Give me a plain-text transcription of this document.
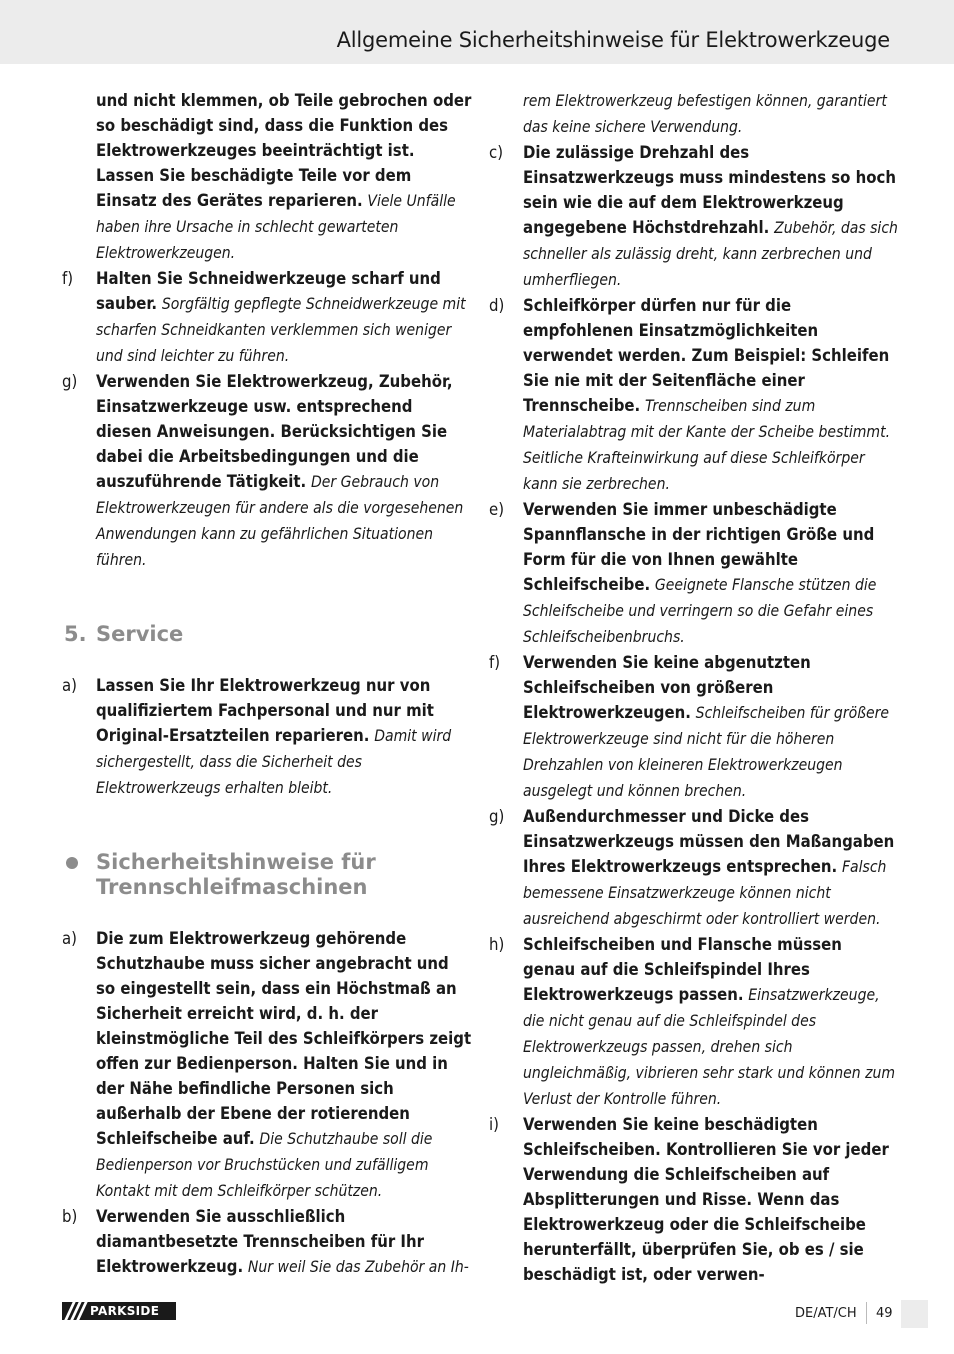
Allgemeine Sicherheitshinweise für Elektrowerkzeuge
und nicht klemmen, ob Teile gebrochen oder so beschädigt sind, dass die Funktion des Elektrowerkzeuges beeinträchtigt ist. Lassen Sie beschädigte Teile vor dem Einsatz des Gerätes reparieren. Viele Unfälle haben ihre Ursache in schlecht gewarteten Elektrowerkzeugen.
f) Halten Sie Schneidwerkzeuge scharf und sauber. Sorgfältig gepflegte Schneidwerkzeuge mit scharfen Schneidkanten verklemmen sich weniger und sind leichter zu führen.
g) Verwenden Sie Elektrowerkzeug, Zubehör, Einsatzwerkzeuge usw. entsprechend diesen Anweisungen. Berücksichtigen Sie dabei die Arbeitsbedingungen und die auszuführende Tätigkeit. Der Gebrauch von Elektrowerkzeugen für andere als die vorgesehenen Anwendungen kann zu gefährlichen Situationen führen.
5. Service
a) Lassen Sie Ihr Elektrowerkzeug nur von qualifiziertem Fachpersonal und nur mit Original-Ersatzteilen reparieren. Damit wird sichergestellt, dass die Sicherheit des Elektrowerkzeugs erhalten bleibt.
Sicherheitshinweise für
Trennschleifmaschinen
a) Die zum Elektrowerkzeug gehörende Schutzhaube muss sicher angebracht und so eingestellt sein, dass ein Höchstmaß an Sicherheit erreicht wird, d. h. der kleinstmögliche Teil des Schleifkörpers zeigt offen zur Bedienperson. Halten Sie und in der Nähe befindliche Personen sich außerhalb der Ebene der rotierenden Schleifscheibe auf. Die Schutzhaube soll die Bedienperson vor Bruchstücken und zufälligem Kontakt mit dem Schleifkörper schützen.
b) Verwenden Sie ausschließlich diamantbesetzte Trennscheiben für Ihr Elektrowerkzeug. Nur weil Sie das Zubehör an Ih-
rem Elektrowerkzeug befestigen können, garantiert das keine sichere Verwendung.
c) Die zulässige Drehzahl des Einsatzwerkzeugs muss mindestens so hoch sein wie die auf dem Elektrowerkzeug angegebene Höchstdrehzahl. Zubehör, das sich schneller als zulässig dreht, kann zerbrechen und umherfliegen.
d) Schleifkörper dürfen nur für die empfohlenen Einsatzmöglichkeiten verwendet werden. Zum Beispiel: Schleifen Sie nie mit der Seitenfläche einer Trennscheibe. Trennscheiben sind zum Materialabtrag mit der Kante der Scheibe bestimmt. Seitliche Krafteinwirkung auf diese Schleifkörper kann sie zerbrechen.
e) Verwenden Sie immer unbeschädigte Spannflansche in der richtigen Größe und Form für die von Ihnen gewählte Schleifscheibe. Geeignete Flansche stützen die Schleifscheibe und verringern so die Gefahr eines Schleifscheibenbruchs.
f) Verwenden Sie keine abgenutzten Schleifscheiben von größeren Elektrowerkzeugen. Schleifscheiben für größere Elektrowerkzeuge sind nicht für die höheren Drehzahlen von kleineren Elektrowerkzeugen ausgelegt und können brechen.
g) Außendurchmesser und Dicke des Einsatzwerkzeugs müssen den Maßangaben Ihres Elektrowerkzeugs entsprechen. Falsch bemessene Einsatzwerkzeuge können nicht ausreichend abgeschirmt oder kontrolliert werden.
h) Schleifscheiben und Flansche müssen genau auf die Schleifspindel Ihres Elektrowerkzeugs passen. Einsatzwerkzeuge, die nicht genau auf die Schleifspindel des Elektrowerkzeugs passen, drehen sich ungleichmäßig, vibrieren sehr stark und können zum Verlust der Kontrolle führen.
i) Verwenden Sie keine beschädigten Schleifscheiben. Kontrollieren Sie vor jeder Verwendung die Schleifscheiben auf Absplitterungen und Risse. Wenn das Elektrowerkzeug oder die Schleifscheibe herunterfällt, überprüfen Sie, ob es / sie beschädigt ist, oder verwen-
PARKSIDE	DE/AT/CH 49
